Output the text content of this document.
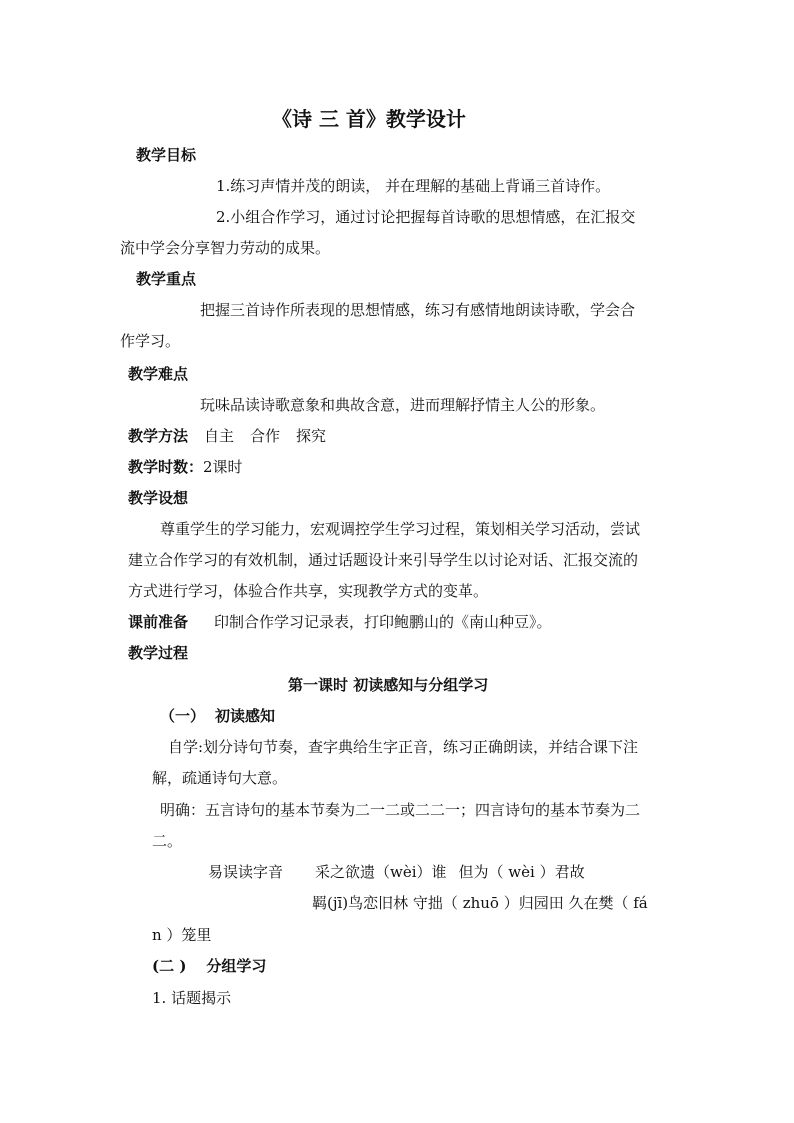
《诗 三 首》教学设计
教学目标
1.练习声情并茂的朗读， 并在理解的基础上背诵三首诗作。
2.小组合作学习，通过讨论把握每首诗歌的思想情感，在汇报交
流中学会分享智力劳动的成果。
教学重点
把握三首诗作所表现的思想情感，练习有感情地朗读诗歌，学会合
作学习。
教学难点
玩味品读诗歌意象和典故含意，进而理解抒情主人公的形象。
教学方法 自主 合作 探究
教学时数：2课时
教学设想
尊重学生的学习能力，宏观调控学生学习过程，策划相关学习活动，尝试
建立合作学习的有效机制，通过话题设计来引导学生以讨论对话、汇报交流的
方式进行学习，体验合作共享，实现教学方式的变革。
课前准备 印制合作学习记录表，打印鲍鹏山的《南山种豆》。
教学过程
第一课时 初读感知与分组学习
（一） 初读感知
自学:划分诗句节奏，查字典给生字正音，练习正确朗读，并结合课下注
解，疏通诗句大意。
明确：五言诗句的基本节奏为二一二或二二一；四言诗句的基本节奏为二
二。
易误读字音 采之欲遗（wèi）谁 但为（ wèi ）君故
羁(jī)鸟恋旧林 守拙（ zhuō ）归园田 久在樊（ fá
n ）笼里
(二 ) 分组学习
1. 话题揭示
